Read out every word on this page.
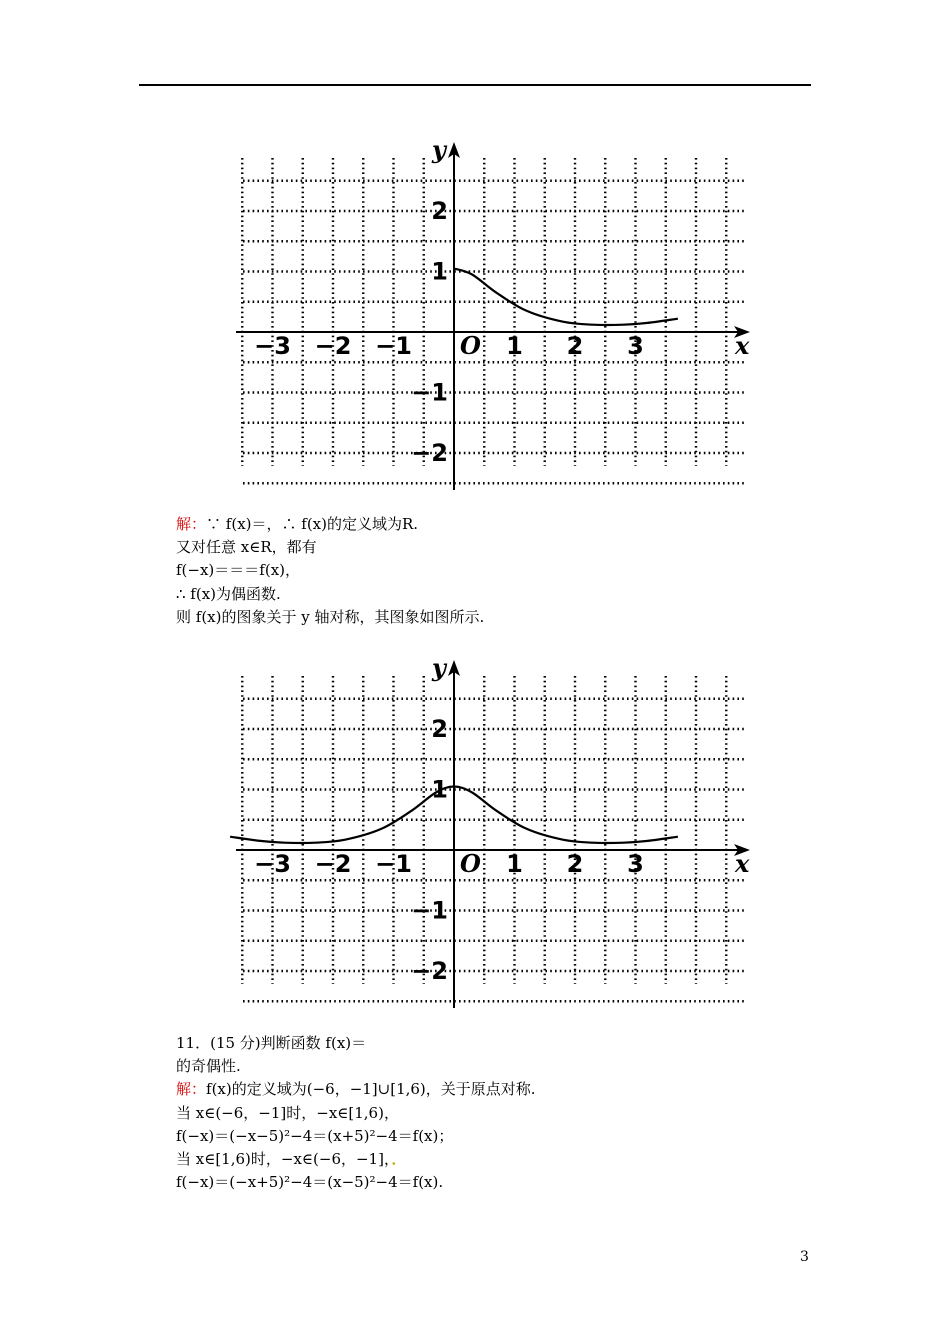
−3 −2 −1	1 2 3
2
1
−1
−2
O	x
y
解：∵ f(x)＝，∴ f(x)的定义域为R.
又对任意 x∈R，都有
f(−x)＝＝＝f(x)，
∴ f(x)为偶函数.
则 f(x)的图象关于 y 轴对称，其图象如图所示.
−3 −2 −1	1 2 3
2
1
−1
−2
O	x
y
11．(15 分)判断函数 f(x)＝
的奇偶性.
解：f(x)的定义域为(−6，−1]∪[1,6)，关于原点对称.
当 x∈(−6，−1]时，−x∈[1,6)，
f(−x)＝(−x−5)²−4＝(x+5)²−4＝f(x)；
当 x∈[1,6)时，−x∈(−6，−1]，．
f(−x)＝(−x+5)²−4＝(x−5)²−4＝f(x).
3
